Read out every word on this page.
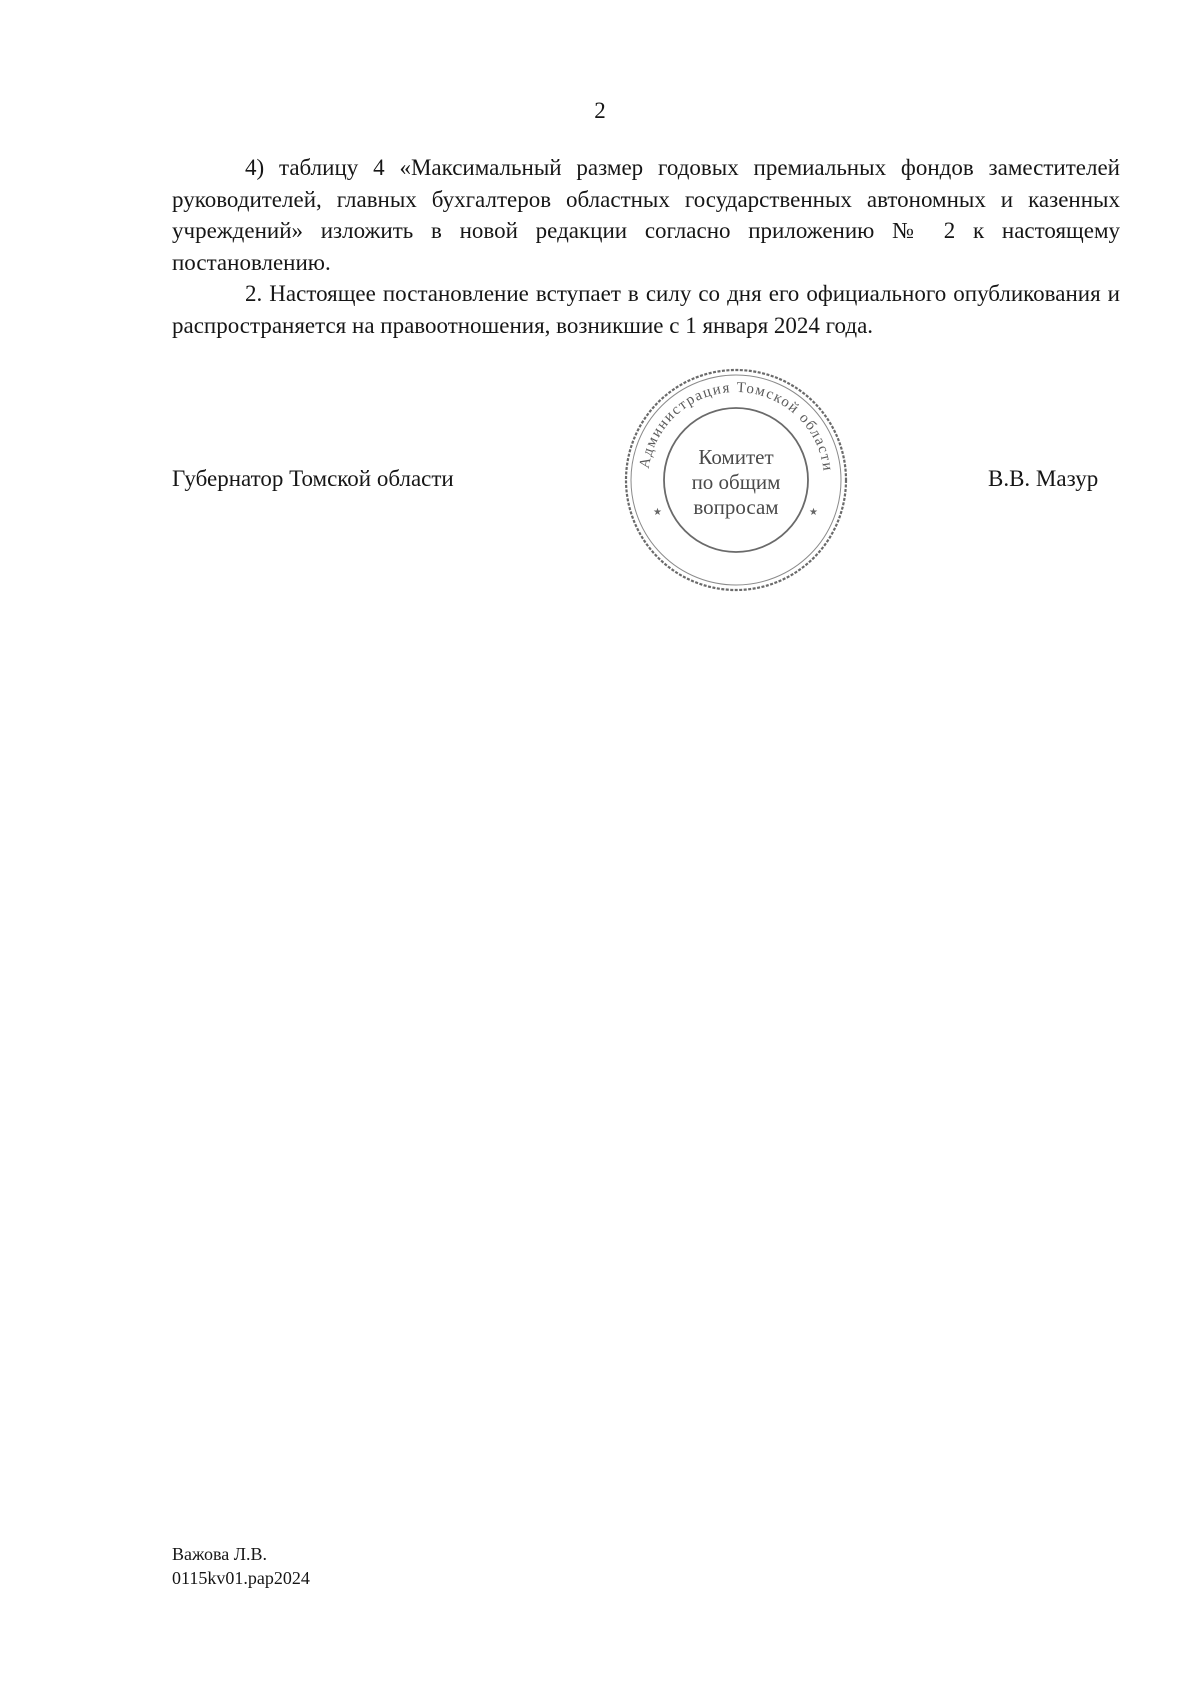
2

4) таблицу 4 «Максимальный размер годовых премиальных фондов заместителей руководителей, главных бухгалтеров областных государственных автономных и казенных учреждений» изложить в новой редакции согласно приложению № 2 к настоящему постановлению.

2. Настоящее постановление вступает в силу со дня его официального опубликования и распространяется на правоотношения, возникшие с 1 января 2024 года.

Губернатор Томской области
Администрация Томской области
★	★
Комитет
по общим
вопросам
В.В. Мазур
Важова Л.В.
0115kv01.pap2024
